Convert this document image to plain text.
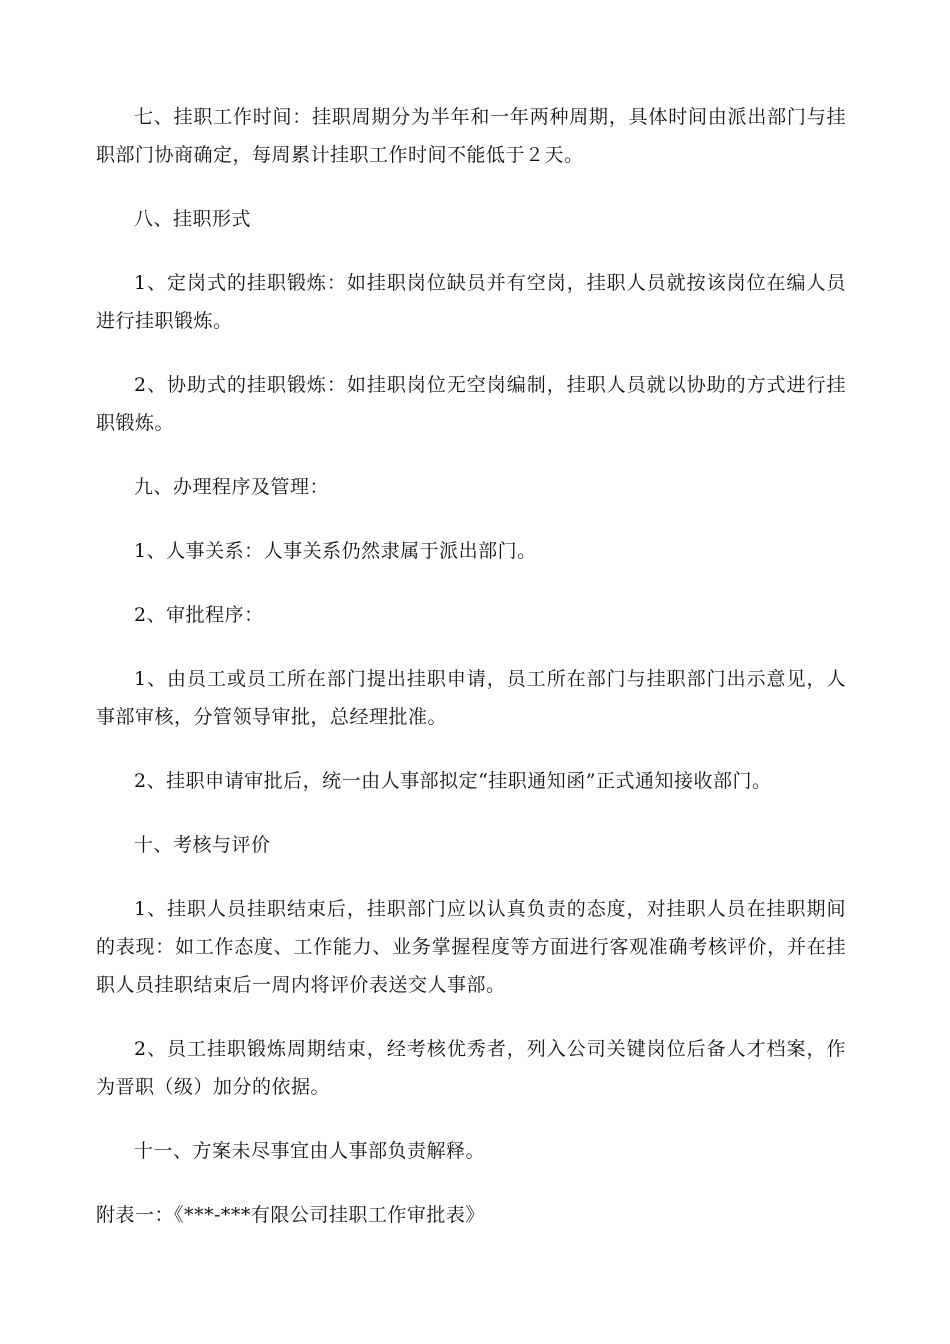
七、挂职工作时间：挂职周期分为半年和一年两种周期，具体时间由派出部门与挂职部门协商确定，每周累计挂职工作时间不能低于２天。

八、挂职形式

1、定岗式的挂职锻炼：如挂职岗位缺员并有空岗，挂职人员就按该岗位在编人员进行挂职锻炼。

2、协助式的挂职锻炼：如挂职岗位无空岗编制，挂职人员就以协助的方式进行挂职锻炼。

九、办理程序及管理：

1、人事关系：人事关系仍然隶属于派出部门。

2、审批程序：

1、由员工或员工所在部门提出挂职申请，员工所在部门与挂职部门出示意见，人事部审核，分管领导审批，总经理批准。

2、挂职申请审批后，统一由人事部拟定“挂职通知函”正式通知接收部门。

十、考核与评价

1、挂职人员挂职结束后，挂职部门应以认真负责的态度，对挂职人员在挂职期间的表现：如工作态度、工作能力、业务掌握程度等方面进行客观准确考核评价，并在挂职人员挂职结束后一周内将评价表送交人事部。

2、员工挂职锻炼周期结束，经考核优秀者，列入公司关键岗位后备人才档案，作为晋职（级）加分的依据。

十一、方案未尽事宜由人事部负责解释。

附表一：《***-***有限公司挂职工作审批表》
